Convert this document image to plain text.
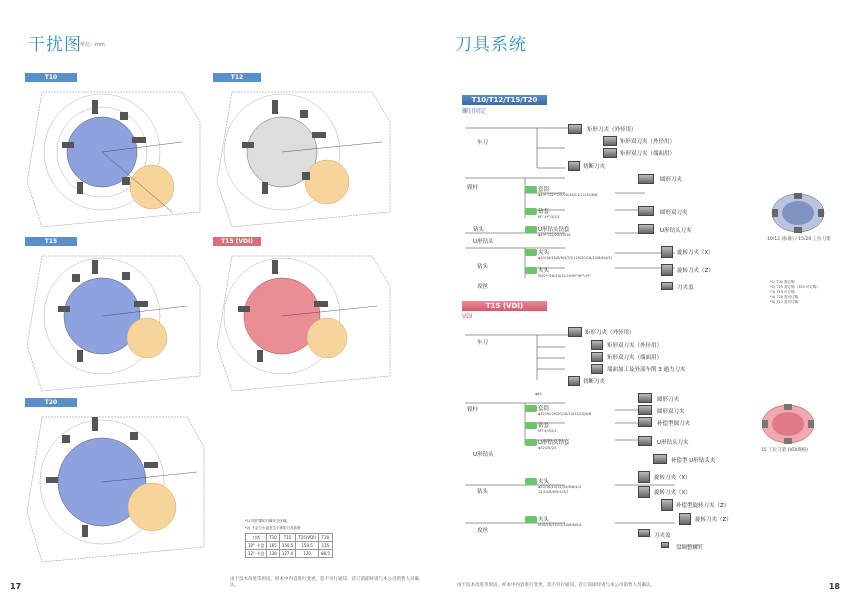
干扰图
单位：mm
T10	T12
T15	T15 (VDI)
T20
*1) 防护罩的刀障安全区域。
*2) 不会与卡盘发生干涉的刀具高度
刀塔	T10	T15	T15(VDI)	T20
10" 卡盘	165	150.5	150.5	115
12" 卡盘	138	127.4	120	88.5
17
由于技术改进等原因，样本中内容进行变更，恕不另行通知。首订前即时请与本公司销售人员确认。
刀具系统
T10/T12/T15/T20
螺钉固定
车刀
镗杆
钻头
U形钻头
钻头
攻丝
矩形刀夹（外径用）
矩形双刀夹（外径用）
矩形双刀夹（端面用）
切断刀夹
套筒
φ40*¹/32*²/25/20/16/14/12/10/8/6
钻套
MT 4*³/3/2/1
U形钻头钻套
φ40*³/32/25/20/16
夹头
φ20/16/10/8/6/4/3/2 (25/20/16/10/8/6/4/3)
夹头
M20*¹/16/14/12/10/8*¹/6*¹/4*¹
圆形刀夹
圆形双刀夹
U形钻头刀夹
旋转刀夹（X）
旋转刀夹（Z）
刀夹盖
10/12 (标准) / 15/20 工位刀架
*1) T20 需订购
*2) T15 需订购（T20 可订购）
*3) T15 可订购
*4) T20 需可订购
*5) T12 需可订购
T15 (VDI)
VDI
车刀
镗杆
U形钻头
钻头
攻丝
矩形刀夹（外径用）
矩形双刀夹（外径用）
矩形双刀夹（端面用）
端面加工及外部车削 3 通力刀夹
切断刀夹
φ40
套筒
φ32/30/25/20/16/14/12/10/8/6
钻套
MT 4/3/2/1
U形钻头钻套
φ32/25/20
夹头
φ20/16/13/12/10/8/6/4/3
11/10/8/6/5/4/3/2
夹头
M16/16/14/12/10/8/6/5/4
圆形刀夹
圆形双刀夹
补偿型圆刀夹
U形钻头刀夹
补偿型 U形钻头夹
旋转刀夹（X）
旋转刀夹（X）
补偿型旋转刀夹（Z）
旋转刀夹（Z）
刀夹盖
盘调整螺钉
15 工位刀架 (VDI规格)
18
由于技术改进等原因，样本中内容进行变更，恕不另行通知。首订前即时请与本公司销售人员确认。
